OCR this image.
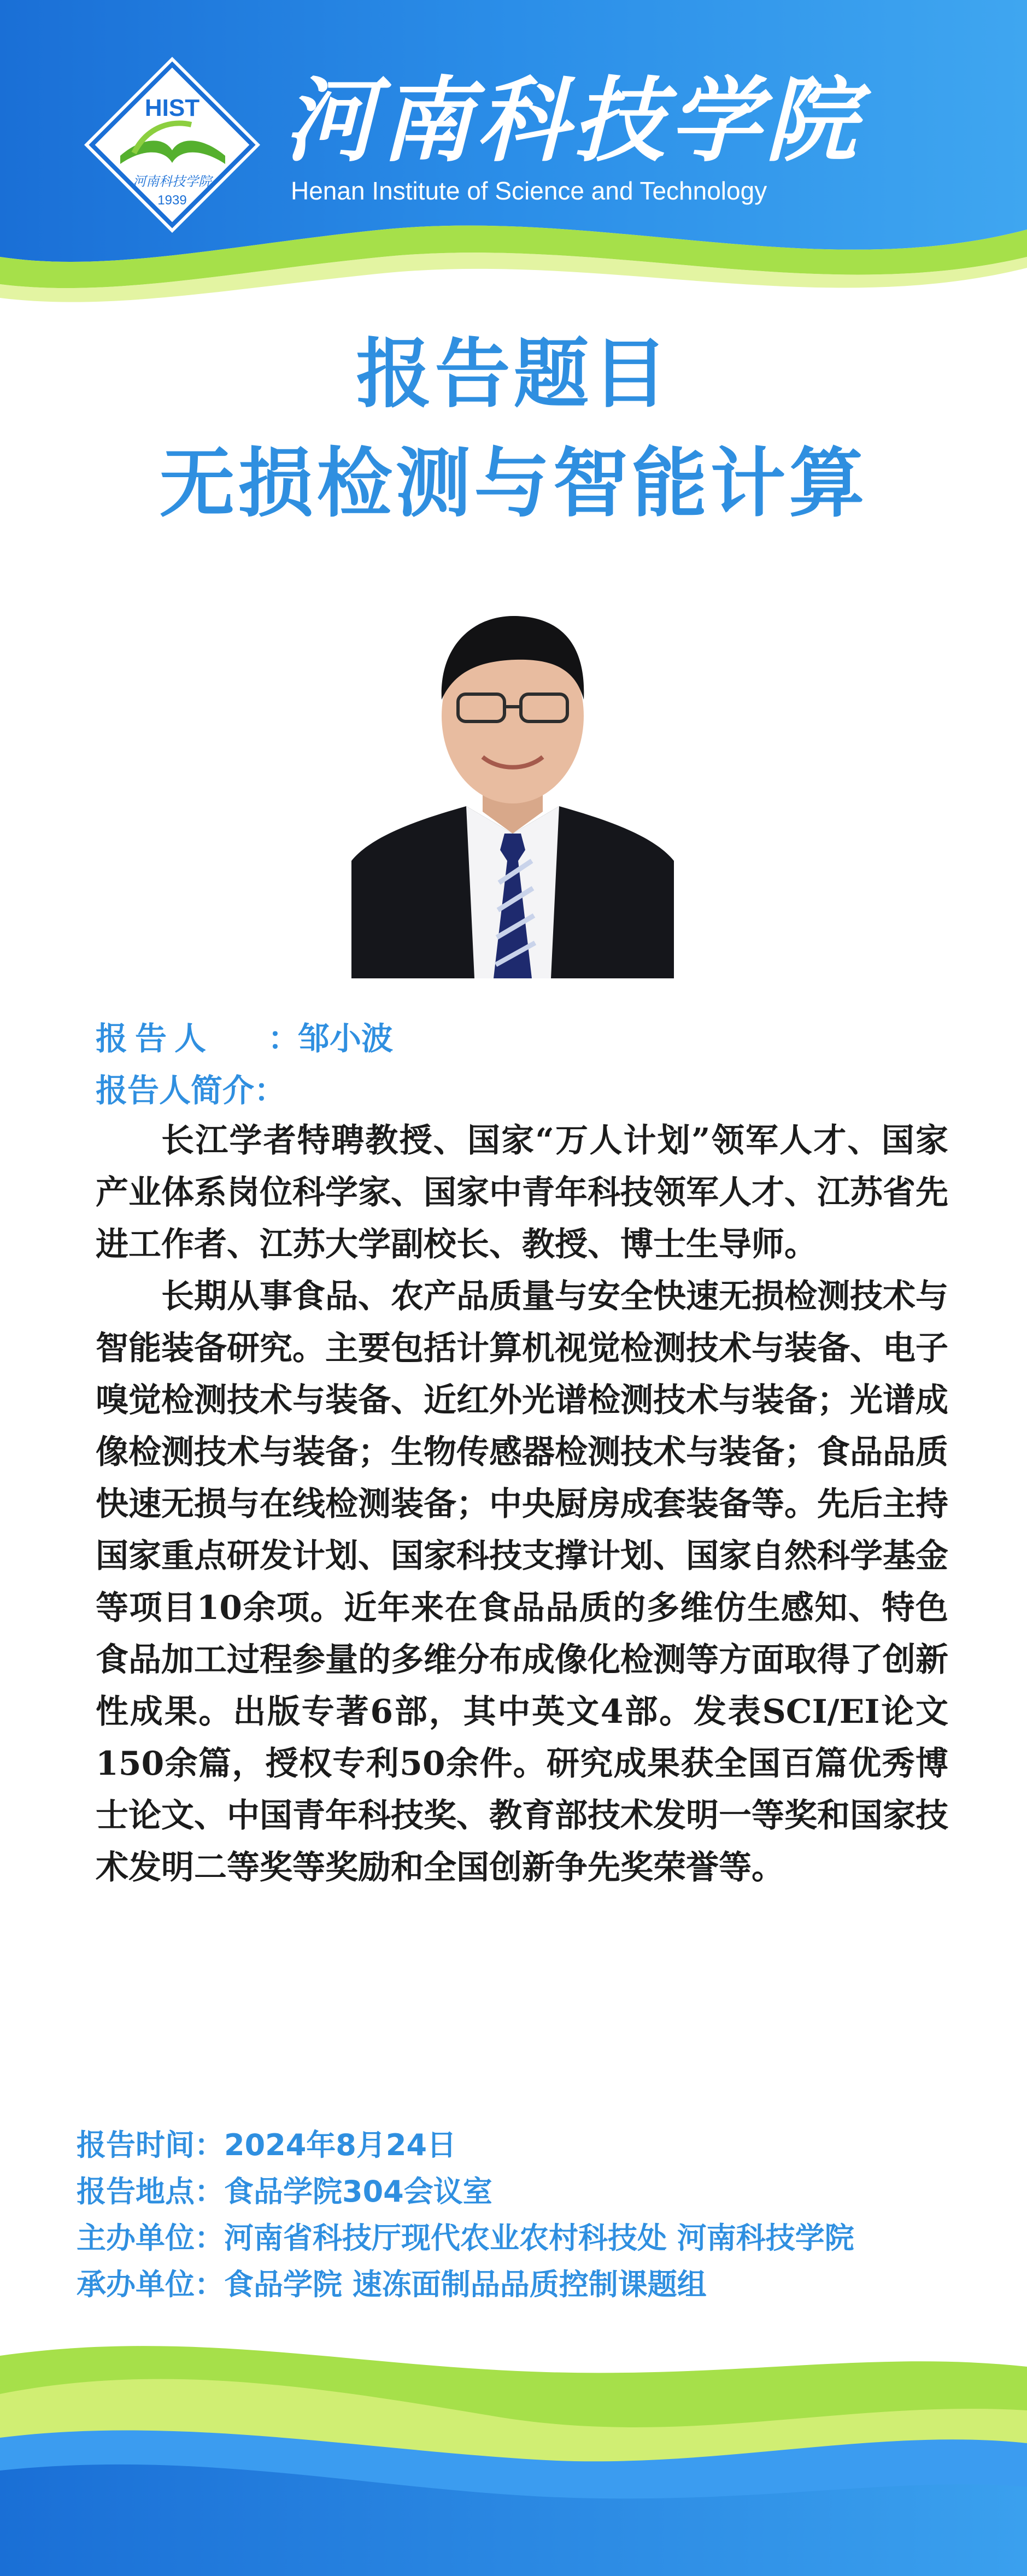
HIST
河南科技学院
1939
河南科技学院
Henan Institute of Science and Technology
报告题目
无损检测与智能计算
报告人	：
邹小波
报告人简介：

长江学者特聘教授、国家“万人计划”领军人才、国家产业体系岗位科学家、国家中青年科技领军人才、江苏省先进工作者、江苏大学副校长、教授、博士生导师。

长期从事食品、农产品质量与安全快速无损检测技术与智能装备研究。主要包括计算机视觉检测技术与装备、电子嗅觉检测技术与装备、近红外光谱检测技术与装备；光谱成像检测技术与装备；生物传感器检测技术与装备；食品品质快速无损与在线检测装备；中央厨房成套装备等。先后主持国家重点研发计划、国家科技支撑计划、国家自然科学基金等项目10余项。近年来在食品品质的多维仿生感知、特色食品加工过程参量的多维分布成像化检测等方面取得了创新性成果。出版专著6部，其中英文4部。发表SCI/EI论文150余篇，授权专利50余件。研究成果获全国百篇优秀博士论文、中国青年科技奖、教育部技术发明一等奖和国家技术发明二等奖等奖励和全国创新争先奖荣誉等。

报告时间：2024年8月24日
报告地点：食品学院304会议室
主办单位：河南省科技厅现代农业农村科技处 河南科技学院
承办单位：食品学院 速冻面制品品质控制课题组
